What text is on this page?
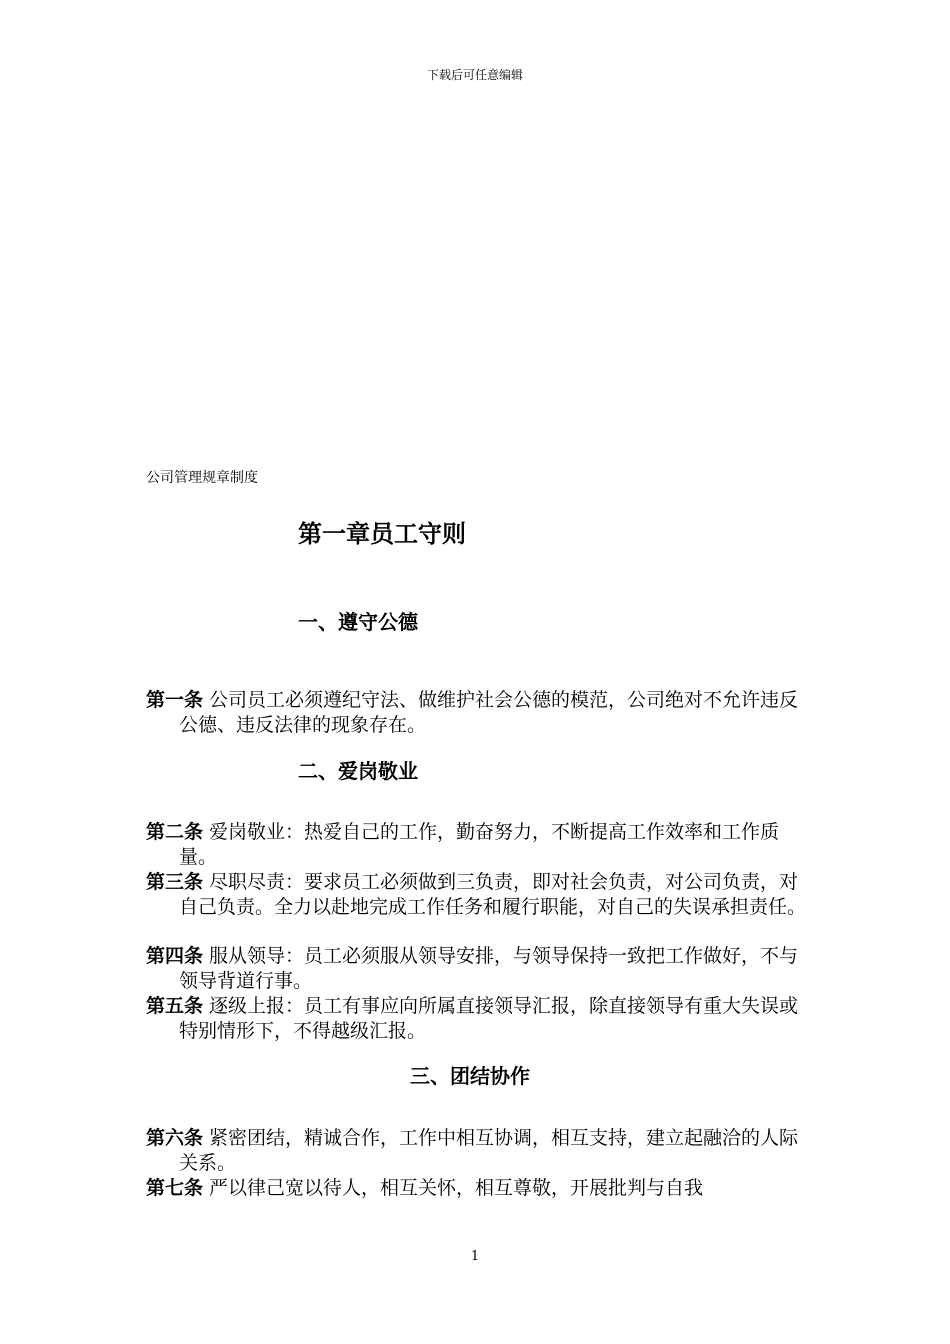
下载后可任意编辑
公司管理规章制度
第一章员工守则
一、遵守公德
第一条 公司员工必须遵纪守法、做维护社会公德的模范，公司绝对不允许违反公德、违反法律的现象存在。
二、爱岗敬业
第二条 爱岗敬业：热爱自己的工作，勤奋努力，不断提高工作效率和工作质量。
第三条 尽职尽责：要求员工必须做到三负责，即对社会负责，对公司负责，对自己负责。全力以赴地完成工作任务和履行职能，对自己的失误承担责任。
第四条 服从领导：员工必须服从领导安排，与领导保持一致把工作做好，不与领导背道行事。
第五条 逐级上报：员工有事应向所属直接领导汇报，除直接领导有重大失误或特别情形下，不得越级汇报。
三、团结协作
第六条 紧密团结，精诚合作，工作中相互协调，相互支持，建立起融洽的人际关系。
第七条 严以律己宽以待人，相互关怀，相互尊敬，开展批判与自我
1
